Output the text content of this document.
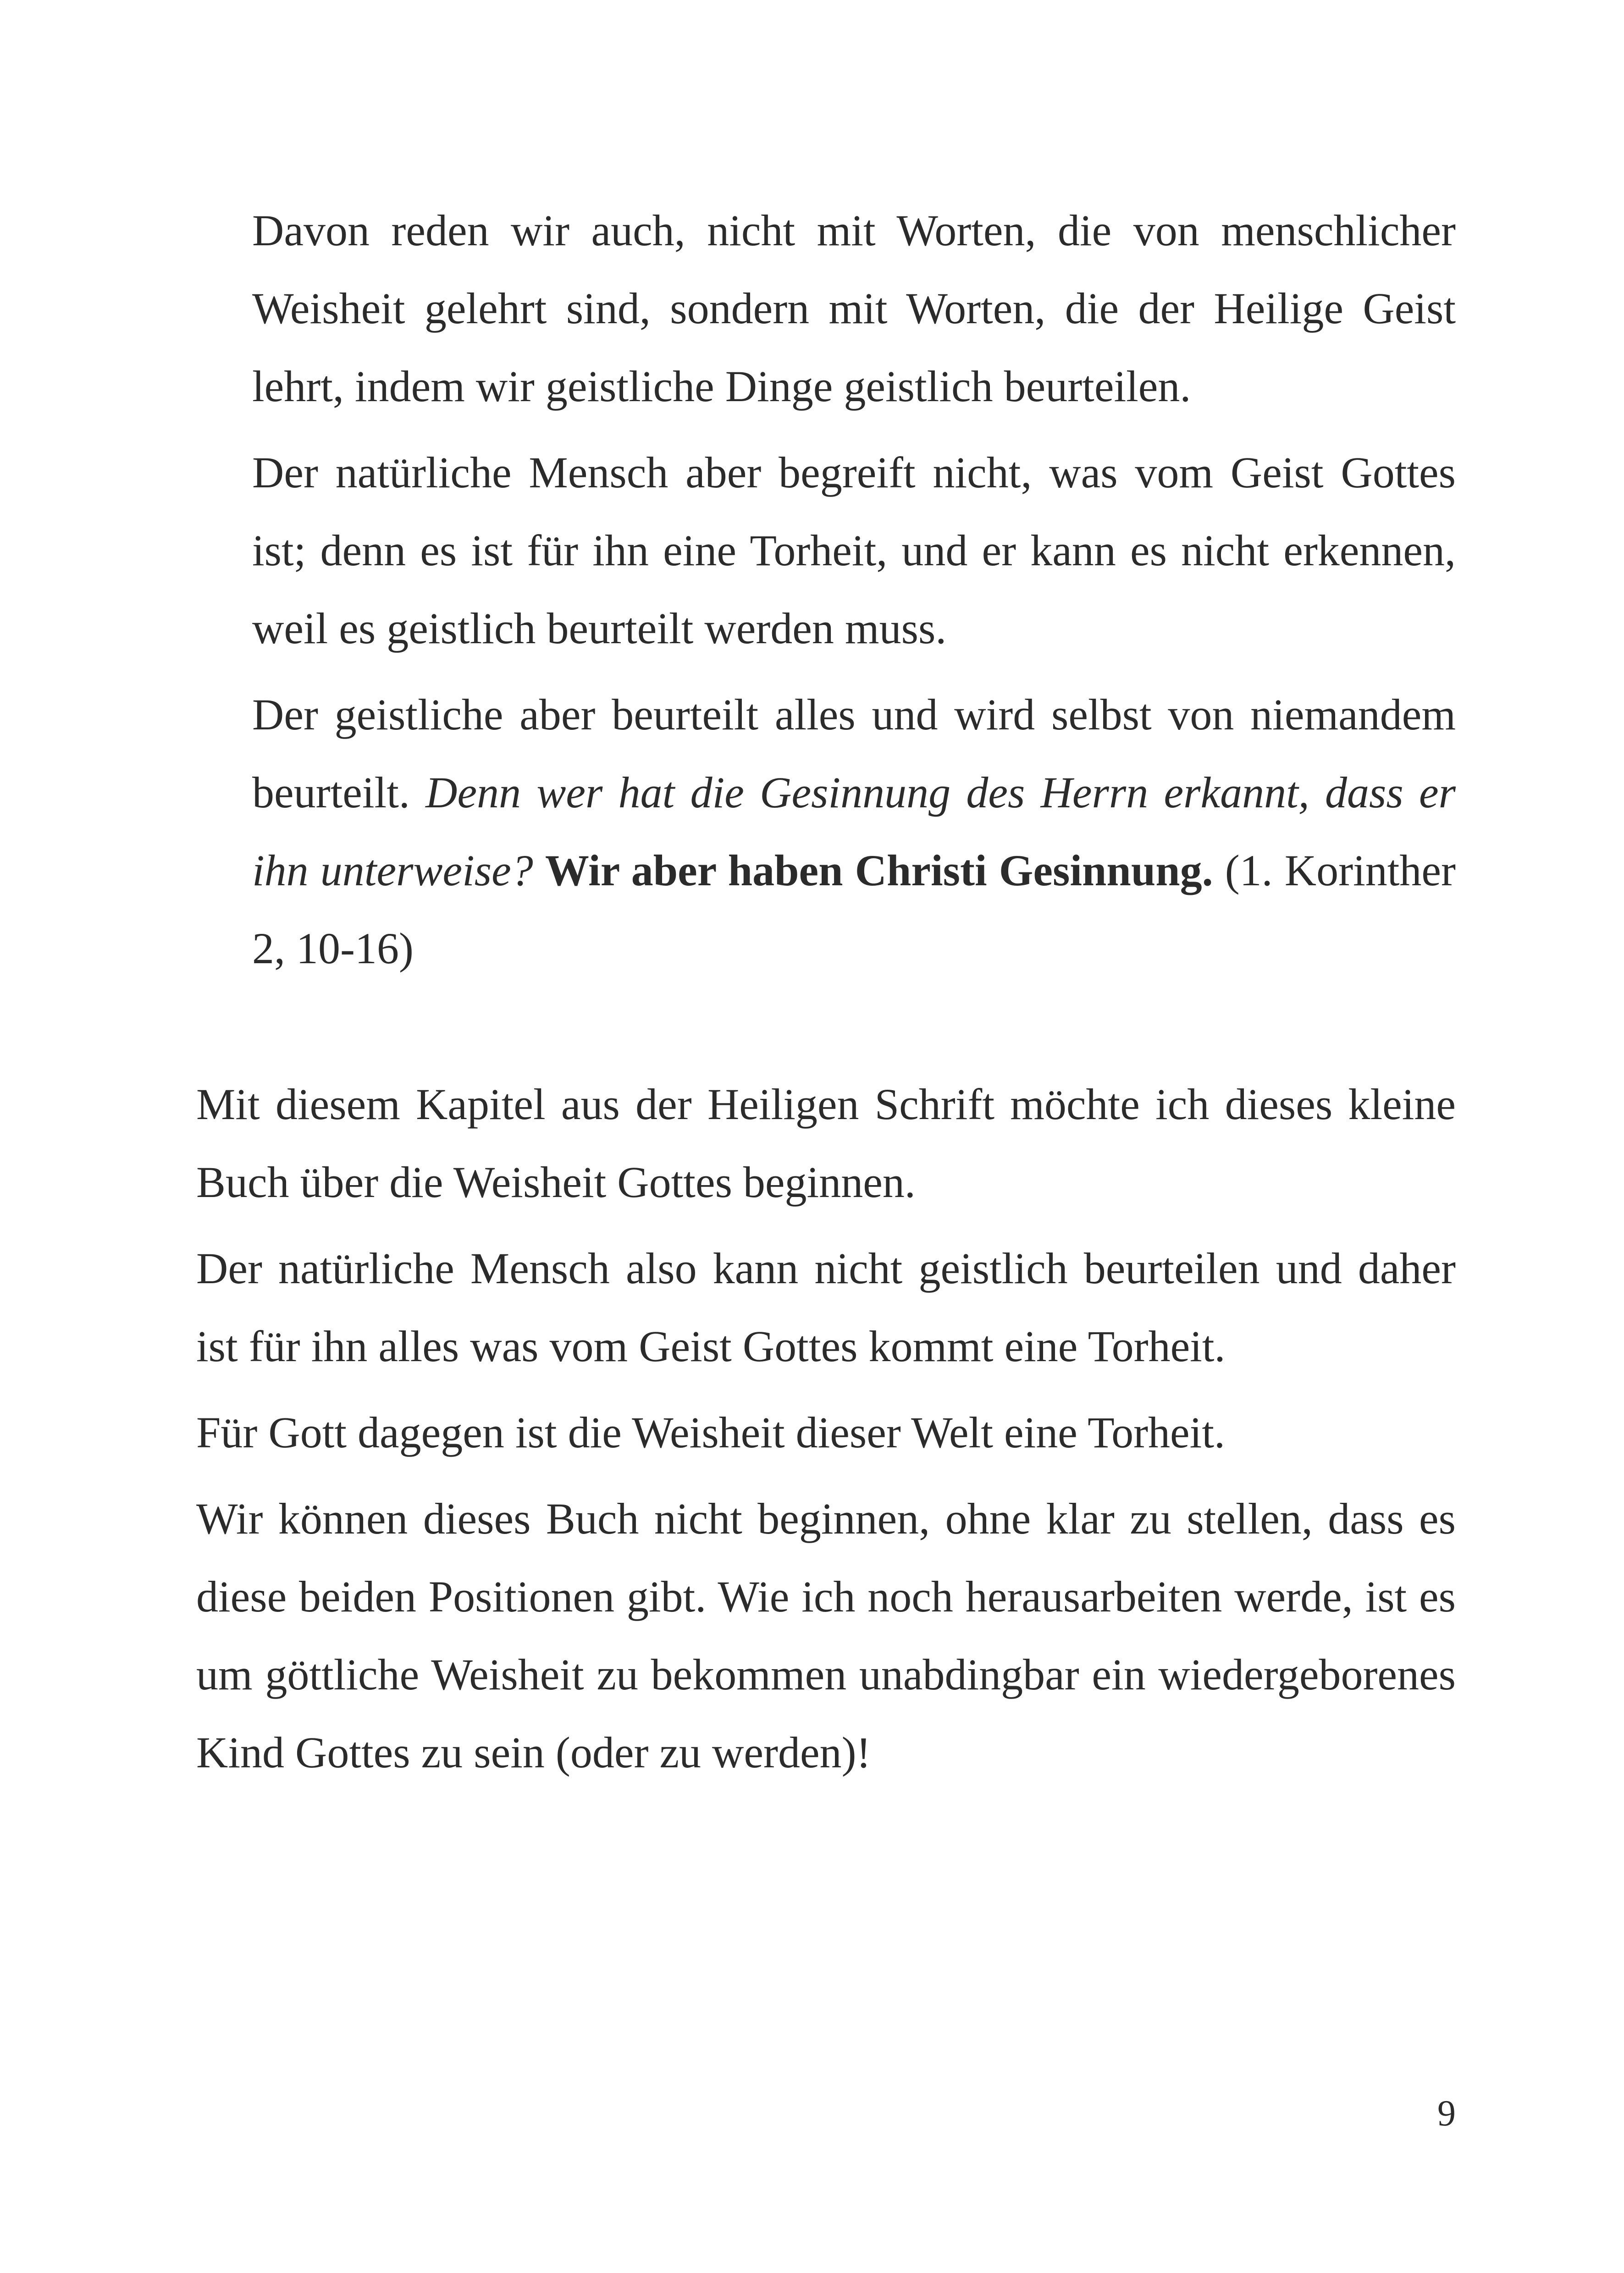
Davon reden wir auch, nicht mit Worten, die von menschlicher Weisheit gelehrt sind, sondern mit Worten, die der Heilige Geist lehrt, indem wir geistliche Dinge geistlich beurteilen.

Der natürliche Mensch aber begreift nicht, was vom Geist Gottes ist; denn es ist für ihn eine Torheit, und er kann es nicht erkennen, weil es geistlich beurteilt werden muss.

Der geistliche aber beurteilt alles und wird selbst von niemandem beurteilt. Denn wer hat die Gesinnung des Herrn erkannt, dass er ihn unterweise? Wir aber haben Christi Gesinnung. (1. Korinther 2, 10-16)

Mit diesem Kapitel aus der Heiligen Schrift möchte ich dieses kleine Buch über die Weisheit Gottes beginnen.

Der natürliche Mensch also kann nicht geistlich beurteilen und daher ist für ihn alles was vom Geist Gottes kommt eine Torheit.

Für Gott dagegen ist die Weisheit dieser Welt eine Torheit.

Wir können dieses Buch nicht beginnen, ohne klar zu stellen, dass es diese beiden Positionen gibt. Wie ich noch herausarbeiten werde, ist es um göttliche Weisheit zu bekommen unabdingbar ein wiedergeborenes Kind Gottes zu sein (oder zu werden)!

9
